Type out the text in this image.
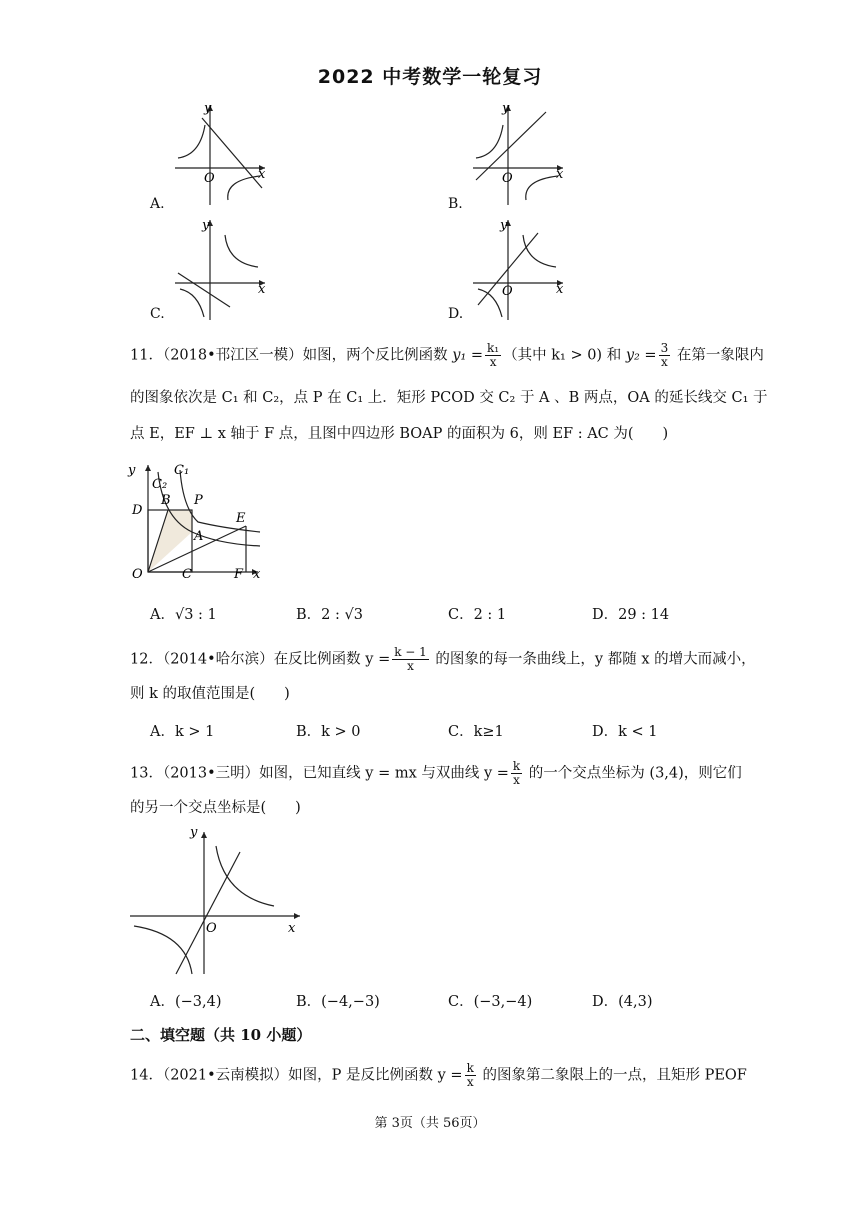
2022 中考数学一轮复习
A.
O	x
y
B.
O	x
y
C.
x
y
D.
O	x
y
11．（2018•邗江区一模）如图，两个反比例函数 $y_1 = \frac{\text{k₁}}{x}$ （其中 k₁ > 0) 和 $y_2 = \frac{3}{x}$ 在第一象限内
的图象依次是 C₁ 和 C₂，点 P 在 C₁ 上．矩形 PCOD 交 C₂ 于 A 、B 两点，OA 的延长线交 C₁ 于
点 E，EF ⊥ x 轴于 F 点，且图中四边形 BOAP 的面积为 6，则 EF : AC 为(　　)
y
C₂
C₁
B P
D
E
A
O	C	F x
A．√3 : 1	B．2 : √3	C．2 : 1	D．29 : 14
12．（2014•哈尔滨）在反比例函数 $y = \frac{k - 1}{x}$ 的图象的每一条曲线上，y 都随 x 的增大而减小，
则 k 的取值范围是(　　)
A．k > 1	B．k > 0	C．k≥1	D．k < 1
13．（2013•三明）如图，已知直线 y = mx 与双曲线 $y = \frac{k}{x}$ 的一个交点坐标为 (3,4)，则它们
的另一个交点坐标是(　　)
O	x
y
A．(−3,4)	B．(−4,−3)	C．(−3,−4)	D．(4,3)
二、填空题（共 10 小题）
14．（2021•云南模拟）如图，P 是反比例函数 $y = \frac{k}{x}$ 的图象第二象限上的一点，且矩形 PEOF
第 3页（共 56页）
